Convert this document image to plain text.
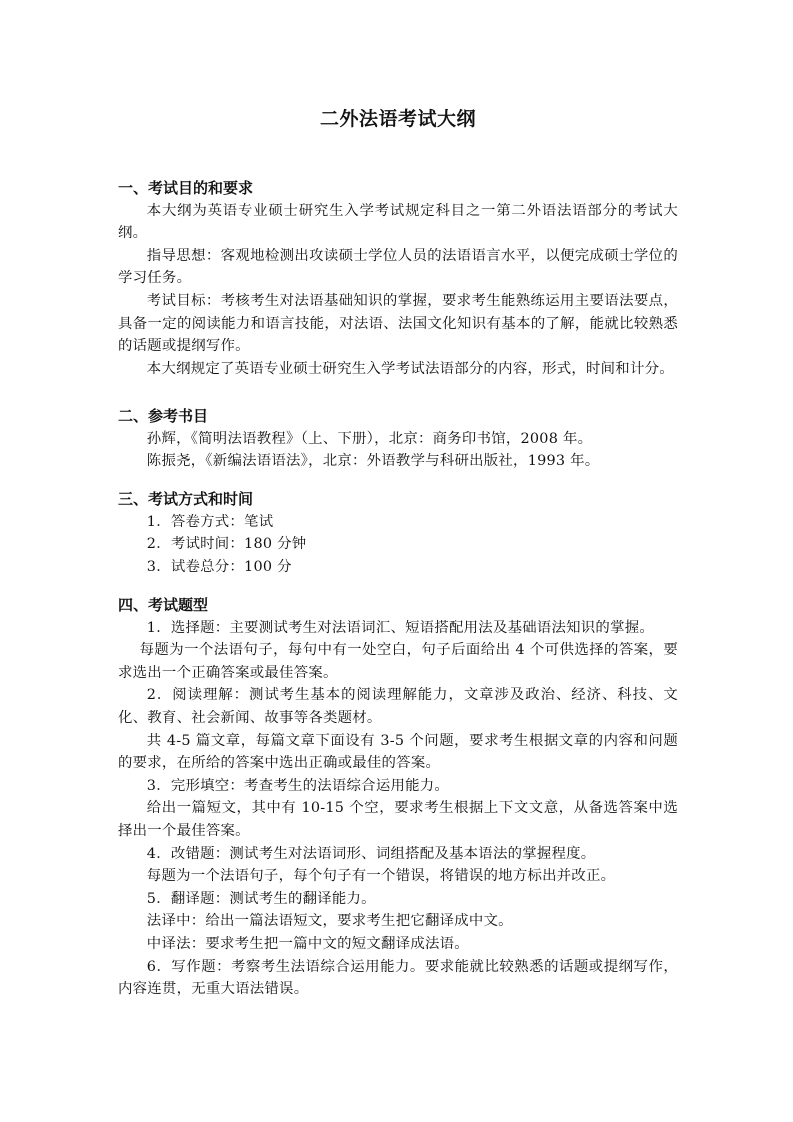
二外法语考试大纲
一、考试目的和要求

本大纲为英语专业硕士研究生入学考试规定科目之一第二外语法语部分的考试大纲。

指导思想：客观地检测出攻读硕士学位人员的法语语言水平，以便完成硕士学位的学习任务。

考试目标：考核考生对法语基础知识的掌握，要求考生能熟练运用主要语法要点，具备一定的阅读能力和语言技能，对法语、法国文化知识有基本的了解，能就比较熟悉的话题或提纲写作。

本大纲规定了英语专业硕士研究生入学考试法语部分的内容，形式，时间和计分。

二、参考书目
孙辉，《简明法语教程》（上、下册），北京：商务印书馆，2008 年。
陈振尧，《新编法语语法》，北京：外语教学与科研出版社，1993 年。
三、考试方式和时间
1．答卷方式：笔试
2．考试时间：180 分钟
3．试卷总分：100 分
四、考试题型

1．选择题：主要测试考生对法语词汇、短语搭配用法及基础语法知识的掌握。

每题为一个法语句子，每句中有一处空白，句子后面给出 4 个可供选择的答案，要求选出一个正确答案或最佳答案。

2．阅读理解：测试考生基本的阅读理解能力，文章涉及政治、经济、科技、文化、教育、社会新闻、故事等各类题材。

共 4-5 篇文章，每篇文章下面设有 3-5 个问题，要求考生根据文章的内容和问题的要求，在所给的答案中选出正确或最佳的答案。

3．完形填空：考查考生的法语综合运用能力。

给出一篇短文，其中有 10-15 个空，要求考生根据上下文文意，从备选答案中选择出一个最佳答案。

4．改错题：测试考生对法语词形、词组搭配及基本语法的掌握程度。

每题为一个法语句子，每个句子有一个错误，将错误的地方标出并改正。

5．翻译题：测试考生的翻译能力。

法译中：给出一篇法语短文，要求考生把它翻译成中文。

中译法：要求考生把一篇中文的短文翻译成法语。

6．写作题：考察考生法语综合运用能力。要求能就比较熟悉的话题或提纲写作，内容连贯，无重大语法错误。
